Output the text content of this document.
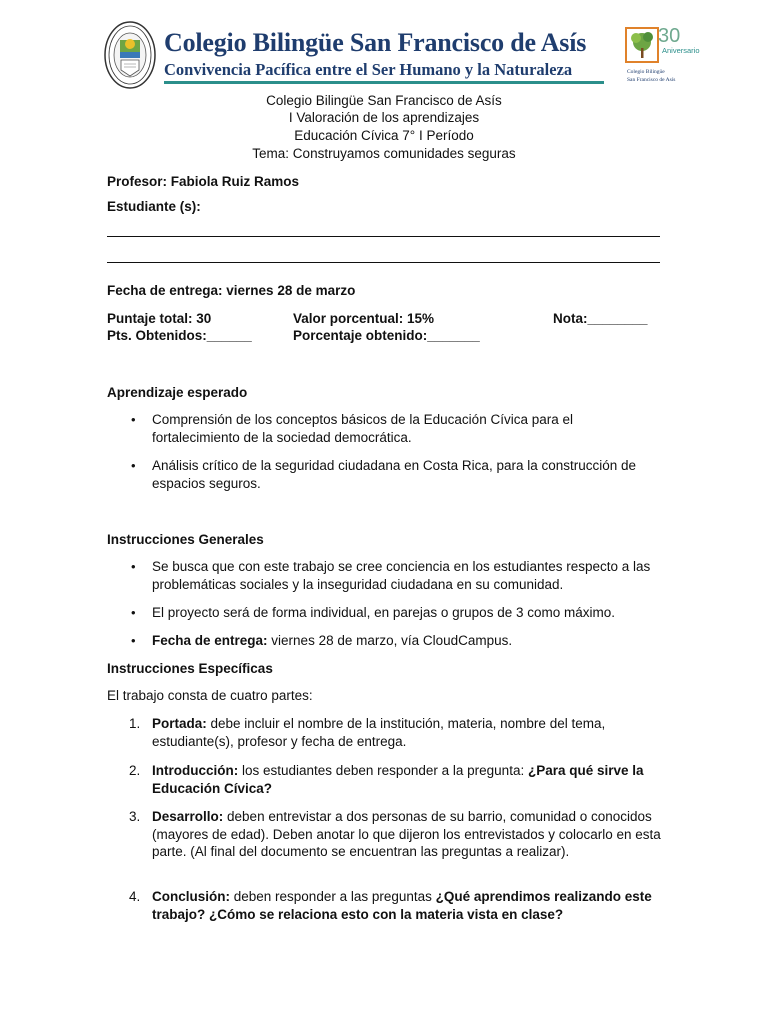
Colegio Bilingüe San Francisco de Asís
Convivencia Pacífica entre el Ser Humano y la Naturaleza
30
Aniversario
Colegio Bilingüe
San Francisco de Asís
Colegio Bilingüe San Francisco de Asís
I Valoración de los aprendizajes
Educación Cívica 7° I Período
Tema: Construyamos comunidades seguras
Profesor: Fabiola Ruiz Ramos
Estudiante (s):
Fecha de entrega: viernes 28 de marzo
Puntaje total: 30	Valor porcentual: 15%	Nota:________
Pts. Obtenidos:______	Porcentaje obtenido:_______
Aprendizaje esperado
• Comprensión de los conceptos básicos de la Educación Cívica para el fortalecimiento de la sociedad democrática.
• Análisis crítico de la seguridad ciudadana en Costa Rica, para la construcción de espacios seguros.
Instrucciones Generales
• Se busca que con este trabajo se cree conciencia en los estudiantes respecto a las problemáticas sociales y la inseguridad ciudadana en su comunidad.
• El proyecto será de forma individual, en parejas o grupos de 3 como máximo.
• Fecha de entrega: viernes 28 de marzo, vía CloudCampus.
Instrucciones Específicas
El trabajo consta de cuatro partes:
1. Portada: debe incluir el nombre de la institución, materia, nombre del tema, estudiante(s), profesor y fecha de entrega.
2. Introducción: los estudiantes deben responder a la pregunta: ¿Para qué sirve la Educación Cívica?
3. Desarrollo: deben entrevistar a dos personas de su barrio, comunidad o conocidos (mayores de edad). Deben anotar lo que dijeron los entrevistados y colocarlo en esta parte. (Al final del documento se encuentran las preguntas a realizar).
4. Conclusión: deben responder a las preguntas ¿Qué aprendimos realizando este trabajo? ¿Cómo se relaciona esto con la materia vista en clase?
